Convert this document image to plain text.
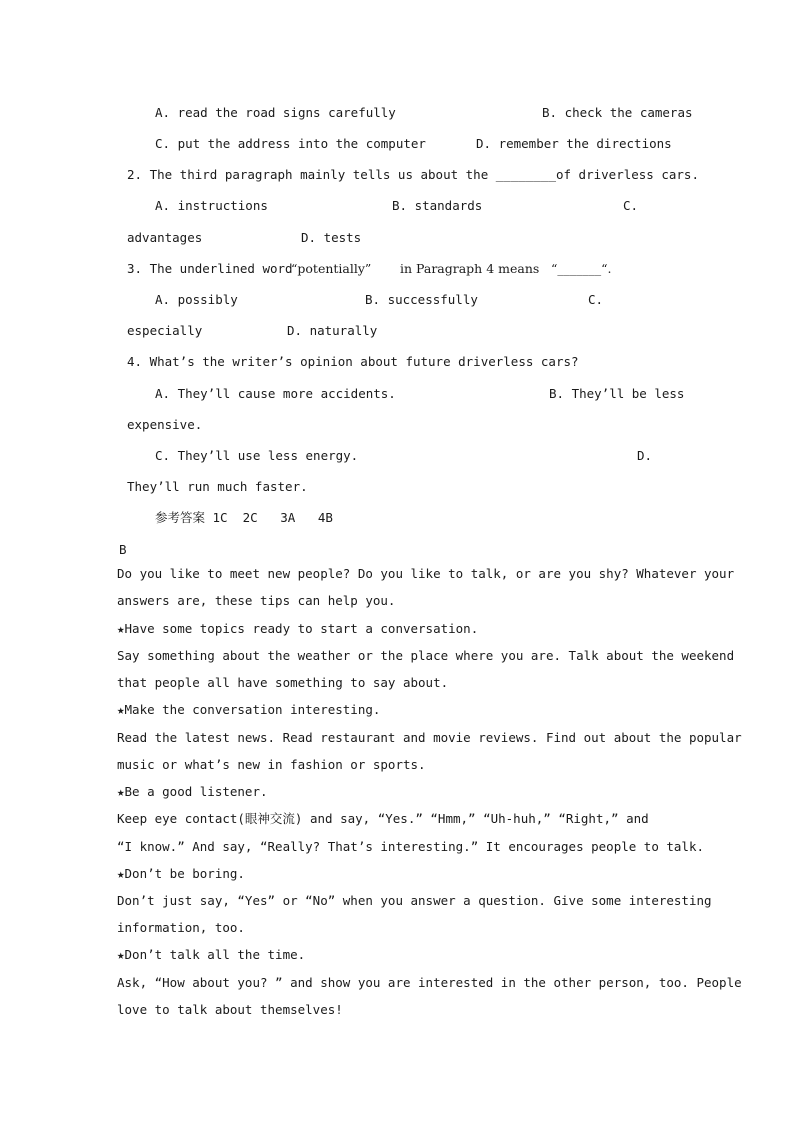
A. read the road signs carefully	B. check the cameras
C. put the address into the computer	D. remember the directions
2. The third paragraph mainly tells us about the ________of driverless cars.
A. instructions	B. standards	C.
advantages	D. tests
3. The underlined word
“potentially” in Paragraph 4 means “_______“.
A. possibly	B. successfully	C.
especially	D. naturally
4. What’s the writer’s opinion about future driverless cars?
A. They’ll cause more accidents.	B. They’ll be less
expensive.
C. They’ll use less energy.	D.
They’ll run much faster.
参考答案 1C  2C   3A   4B
B
Do you like to meet new people? Do you like to talk, or are you shy? Whatever your
answers are, these tips can help you.
★Have some topics ready to start a conversation.
Say something about the weather or the place where you are. Talk about the weekend
that people all have something to say about.
★Make the conversation interesting.
Read the latest news. Read restaurant and movie reviews. Find out about the popular
music or what’s new in fashion or sports.
★Be a good listener.
Keep eye contact(眼神交流) and say, “Yes.” “Hmm,” “Uh-huh,” “Right,” and
“I know.” And say, “Really? That’s interesting.” It encourages people to talk.
★Don’t be boring.
Don’t just say, “Yes” or “No” when you answer a question. Give some interesting
information, too.
★Don’t talk all the time.
Ask, “How about you? ” and show you are interested in the other person, too. People
love to talk about themselves!
